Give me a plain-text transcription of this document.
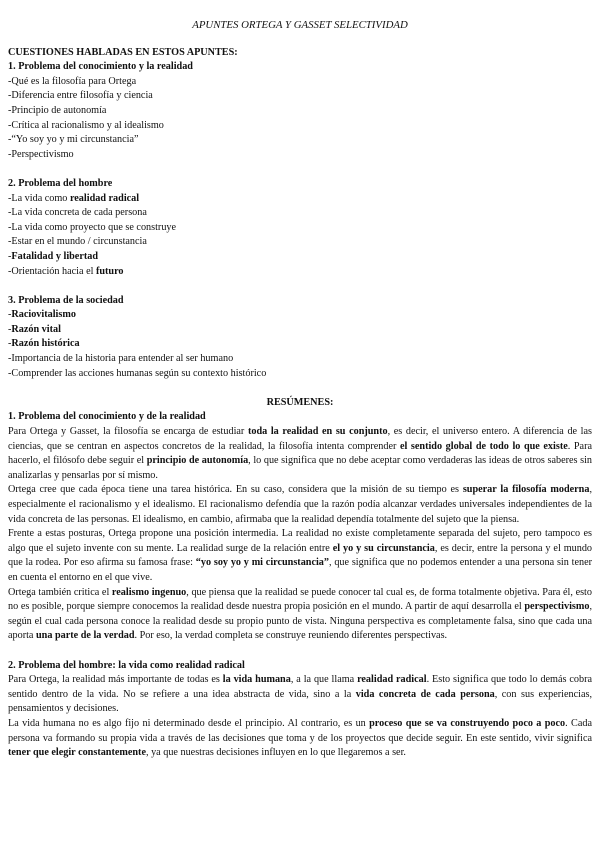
APUNTES ORTEGA Y GASSET SELECTIVIDAD
CUESTIONES HABLADAS EN ESTOS APUNTES:
1. Problema del conocimiento y la realidad
-Qué es la filosofía para Ortega
-Diferencia entre filosofía y ciencia
-Principio de autonomía
-Crítica al racionalismo y al idealismo
-“Yo soy yo y mi circunstancia”
-Perspectivismo
2. Problema del hombre
-La vida como realidad radical
-La vida concreta de cada persona
-La vida como proyecto que se construye
-Estar en el mundo / circunstancia
-Fatalidad y libertad
-Orientación hacia el futuro
3. Problema de la sociedad
-Raciovitalismo
-Razón vital
-Razón histórica
-Importancia de la historia para entender al ser humano
-Comprender las acciones humanas según su contexto histórico
RESÚMENES:
1. Problema del conocimiento y de la realidad

Para Ortega y Gasset, la filosofía se encarga de estudiar toda la realidad en su conjunto, es decir, el universo entero. A diferencia de las ciencias, que se centran en aspectos concretos de la realidad, la filosofía intenta comprender el sentido global de todo lo que existe. Para hacerlo, el filósofo debe seguir el principio de autonomía, lo que significa que no debe aceptar como verdaderas las ideas de otros saberes sin analizarlas y pensarlas por sí mismo.

Ortega cree que cada época tiene una tarea histórica. En su caso, considera que la misión de su tiempo es superar la filosofía moderna, especialmente el racionalismo y el idealismo. El racionalismo defendía que la razón podía alcanzar verdades universales independientes de la vida concreta de las personas. El idealismo, en cambio, afirmaba que la realidad dependía totalmente del sujeto que la piensa.

Frente a estas posturas, Ortega propone una posición intermedia. La realidad no existe completamente separada del sujeto, pero tampoco es algo que el sujeto invente con su mente. La realidad surge de la relación entre el yo y su circunstancia, es decir, entre la persona y el mundo que la rodea. Por eso afirma su famosa frase: “yo soy yo y mi circunstancia”, que significa que no podemos entender a una persona sin tener en cuenta el entorno en el que vive.

Ortega también critica el realismo ingenuo, que piensa que la realidad se puede conocer tal cual es, de forma totalmente objetiva. Para él, esto no es posible, porque siempre conocemos la realidad desde nuestra propia posición en el mundo. A partir de aquí desarrolla el perspectivismo, según el cual cada persona conoce la realidad desde su propio punto de vista. Ninguna perspectiva es completamente falsa, sino que cada una aporta una parte de la verdad. Por eso, la verdad completa se construye reuniendo diferentes perspectivas.

2. Problema del hombre: la vida como realidad radical

Para Ortega, la realidad más importante de todas es la vida humana, a la que llama realidad radical. Esto significa que todo lo demás cobra sentido dentro de la vida. No se refiere a una idea abstracta de vida, sino a la vida concreta de cada persona, con sus experiencias, pensamientos y decisiones.

La vida humana no es algo fijo ni determinado desde el principio. Al contrario, es un proceso que se va construyendo poco a poco. Cada persona va formando su propia vida a través de las decisiones que toma y de los proyectos que decide seguir. En este sentido, vivir significa tener que elegir constantemente, ya que nuestras decisiones influyen en lo que llegaremos a ser.
